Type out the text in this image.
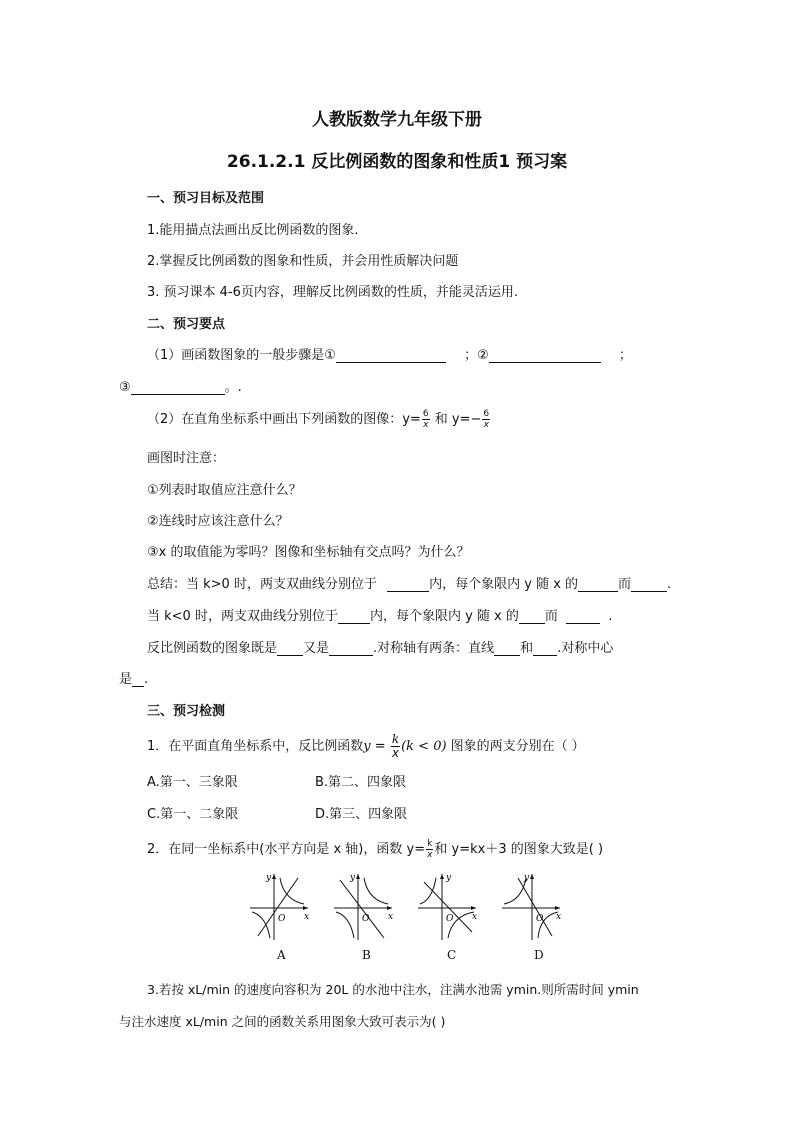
人教版数学九年级下册
26.1.2.1 反比例函数的图象和性质1 预习案
一、预习目标及范围
1.能用描点法画出反比例函数的图象.
2.掌握反比例函数的图象和性质，并会用性质解决问题
3. 预习课本 4-6页内容，理解反比例函数的性质，并能灵活运用.
二、预习要点
（1）画函数图象的一般步骤是①	；②	；
③	。.
（2）在直角坐标系中画出下列函数的图像：$y= \frac{6}{x}$ 和 $y=- \frac{6}{x}$
画图时注意：
①列表时取值应注意什么？
②连线时应该注意什么？
③x 的取值能为零吗？图像和坐标轴有交点吗？为什么？
总结：当 k>0 时，两支双曲线分别位于	内，每个象限内 y 随 x 的	而	.
当 k<0 时，两支双曲线分别位于 内，每个象限内 y 随 x 的 而	.
反比例函数的图象既是 又是	.对称轴有两条：直线 和 .对称中心
是 .
三、预习检测
1．在平面直角坐标系中，反比例函数$y = \frac{k}{x} (k < 0)$ 图象的两支分别在（ ）
A.第一、三象限	B.第二、四象限
C.第一、二象限	D.第三、四象限
2．在同一坐标系中(水平方向是 x 轴)，函数 $y= \frac{k}{x}$ 和 y=kx＋3 的图象大致是( )
y
O x
y
O x
y
O x
y
O x
A	B	C	D
3.若按 xL/min 的速度向容积为 20L 的水池中注水，注满水池需 ymin.则所需时间 ymin
与注水速度 xL/min 之间的函数关系用图象大致可表示为( )
